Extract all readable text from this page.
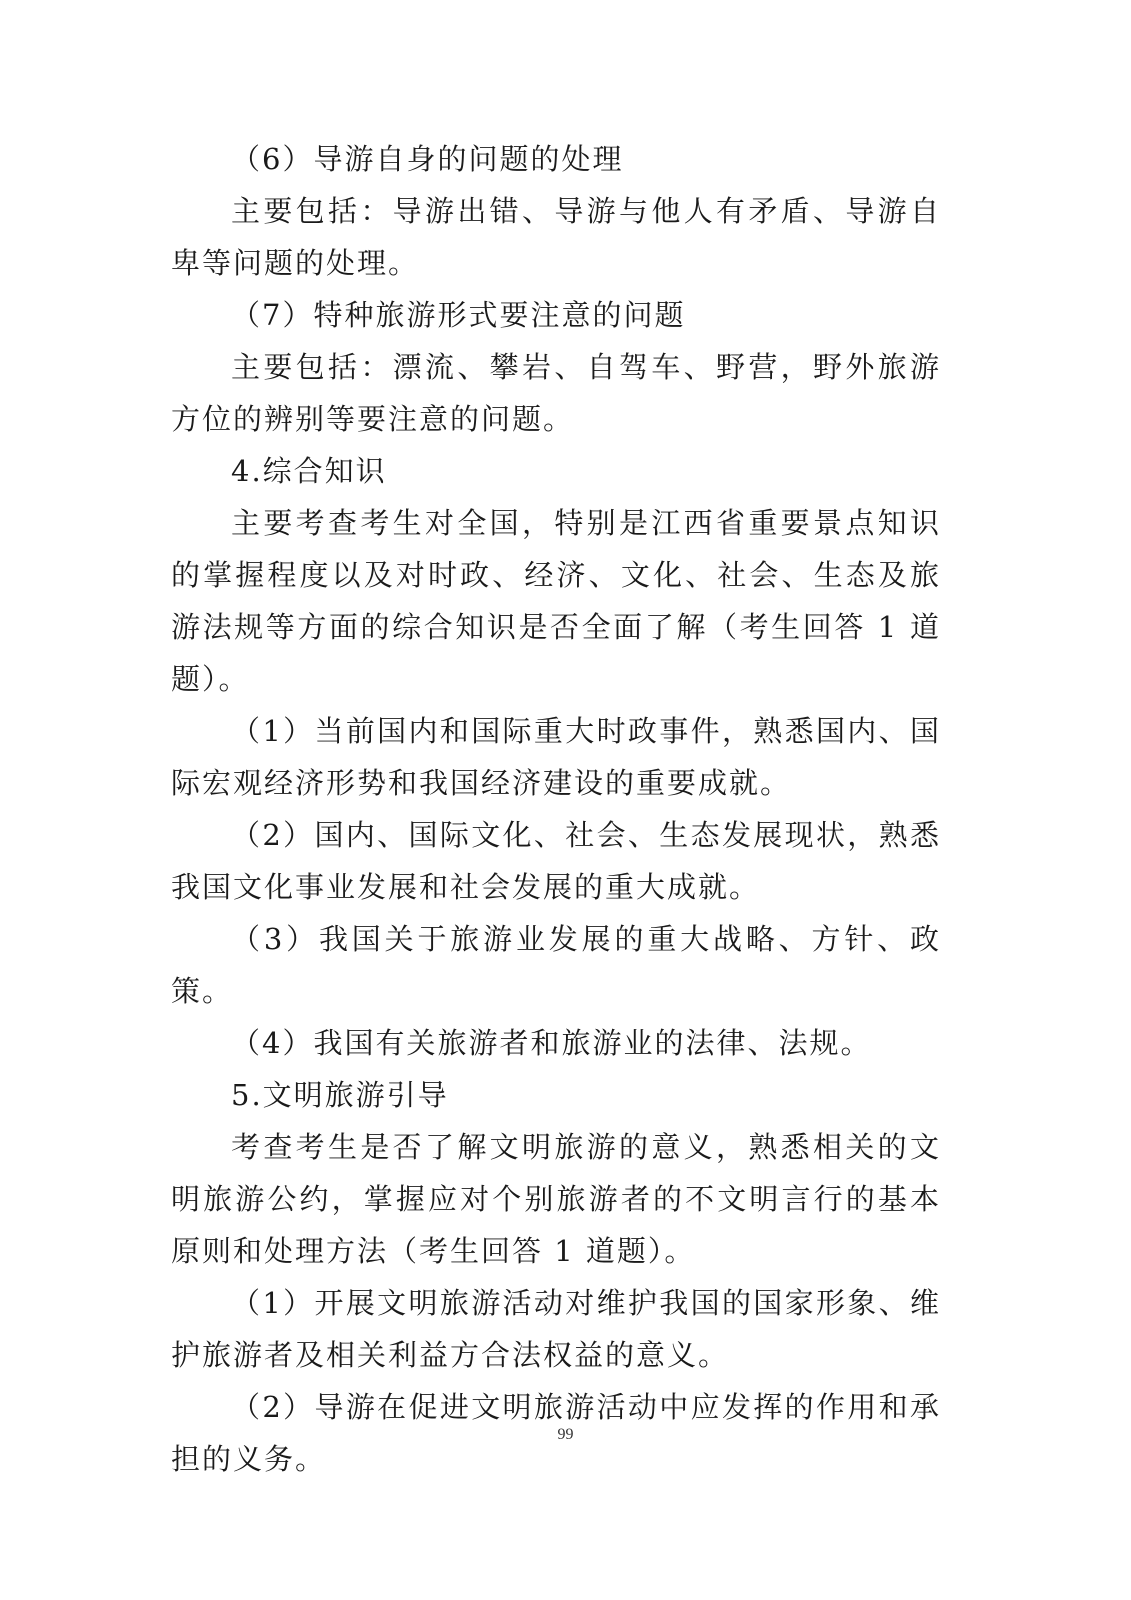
（6）导游自身的问题的处理

主要包括：导游出错、导游与他人有矛盾、导游自卑等问题的处理。

（7）特种旅游形式要注意的问题

主要包括：漂流、攀岩、自驾车、野营，野外旅游方位的辨别等要注意的问题。

4.综合知识

主要考查考生对全国，特别是江西省重要景点知识的掌握程度以及对时政、经济、文化、社会、生态及旅游法规等方面的综合知识是否全面了解（考生回答 1 道题）。

（1）当前国内和国际重大时政事件，熟悉国内、国际宏观经济形势和我国经济建设的重要成就。

（2）国内、国际文化、社会、生态发展现状，熟悉我国文化事业发展和社会发展的重大成就。

（3）我国关于旅游业发展的重大战略、方针、政策。

（4）我国有关旅游者和旅游业的法律、法规。

5.文明旅游引导

考查考生是否了解文明旅游的意义，熟悉相关的文明旅游公约，掌握应对个别旅游者的不文明言行的基本原则和处理方法（考生回答 1 道题）。

（1）开展文明旅游活动对维护我国的国家形象、维护旅游者及相关利益方合法权益的意义。

（2）导游在促进文明旅游活动中应发挥的作用和承担的义务。

99
